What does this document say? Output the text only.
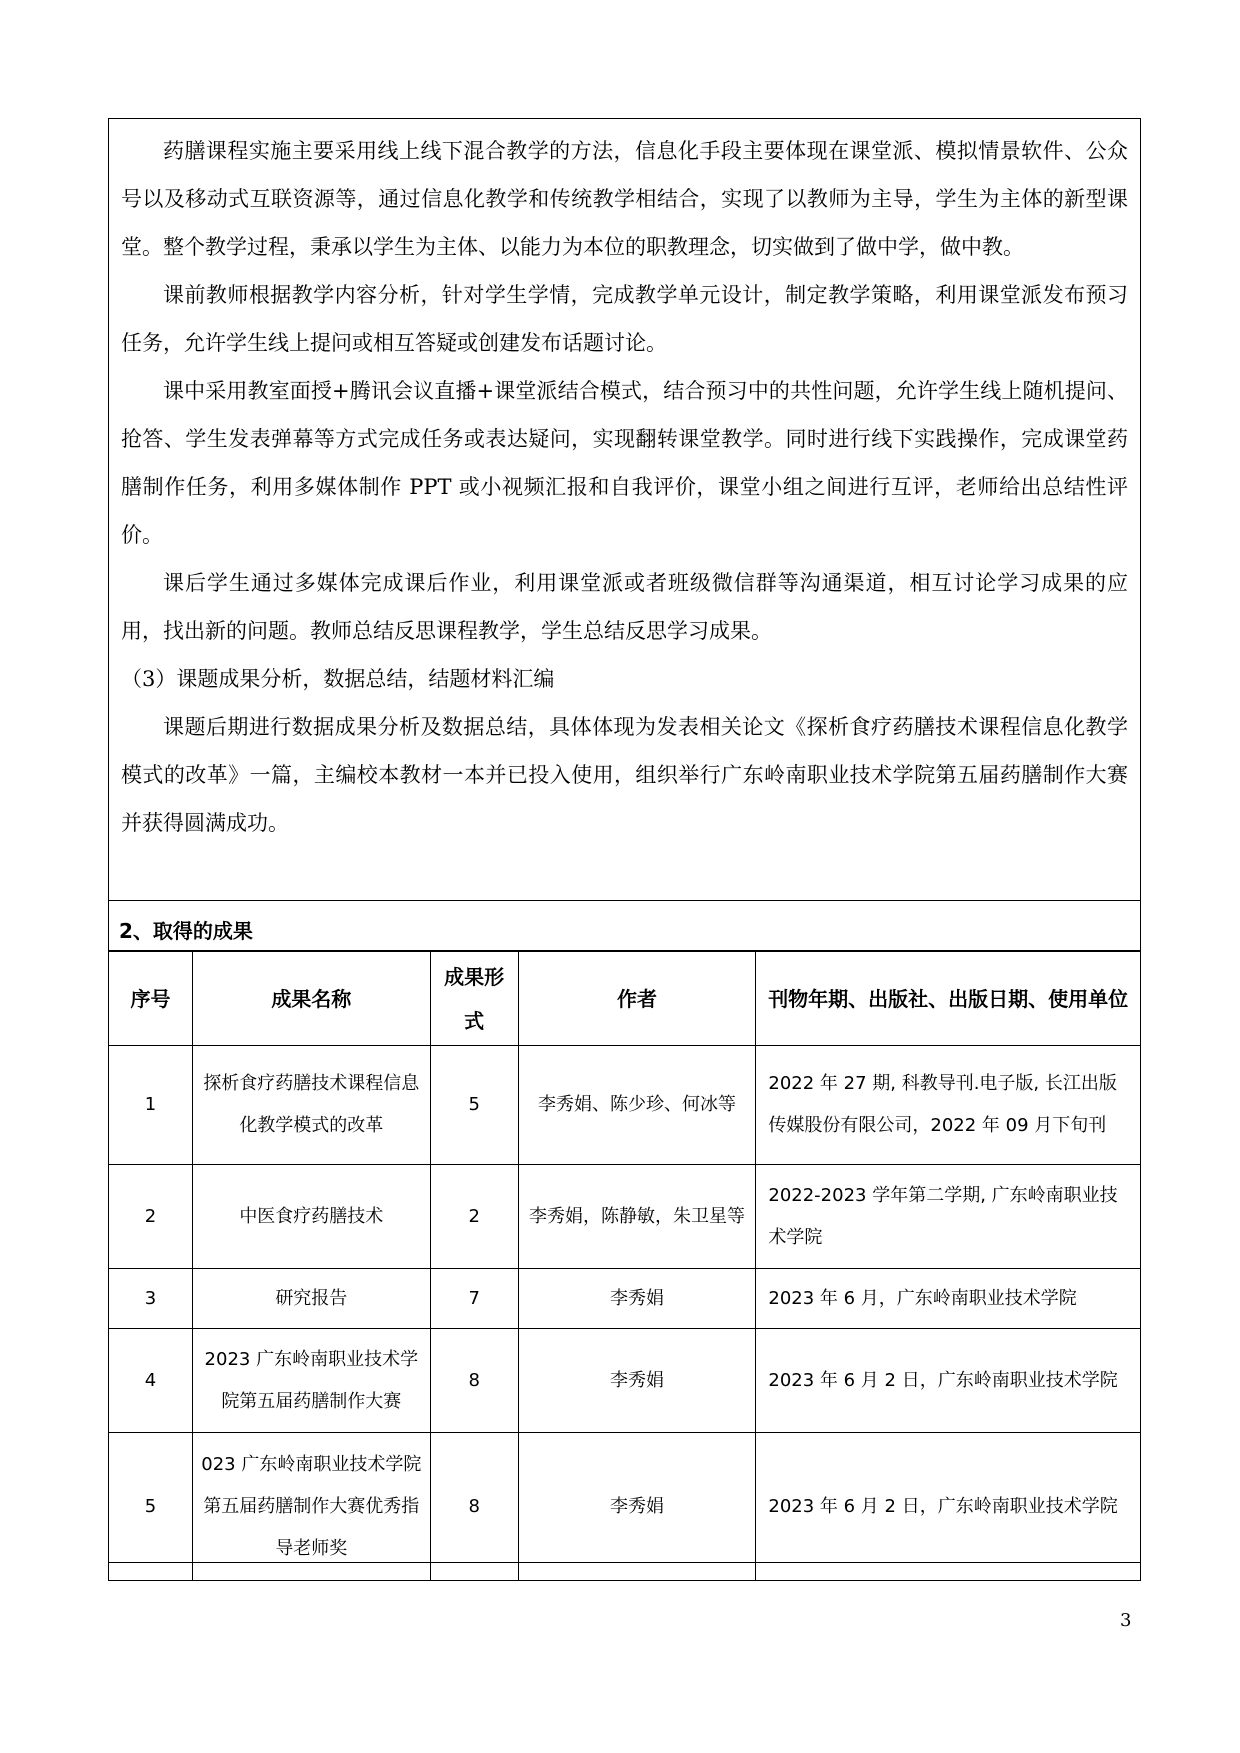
药膳课程实施主要采用线上线下混合教学的方法，信息化手段主要体现在课堂派、模拟情景软件、公众号以及移动式互联资源等，通过信息化教学和传统教学相结合，实现了以教师为主导，学生为主体的新型课堂。整个教学过程，秉承以学生为主体、以能力为本位的职教理念，切实做到了做中学，做中教。

课前教师根据教学内容分析，针对学生学情，完成教学单元设计，制定教学策略，利用课堂派发布预习任务，允许学生线上提问或相互答疑或创建发布话题讨论。

课中采用教室面授+腾讯会议直播+课堂派结合模式，结合预习中的共性问题，允许学生线上随机提问、抢答、学生发表弹幕等方式完成任务或表达疑问，实现翻转课堂教学。同时进行线下实践操作，完成课堂药膳制作任务，利用多媒体制作 PPT 或小视频汇报和自我评价，课堂小组之间进行互评，老师给出总结性评价。

课后学生通过多媒体完成课后作业，利用课堂派或者班级微信群等沟通渠道，相互讨论学习成果的应用，找出新的问题。教师总结反思课程教学，学生总结反思学习成果。

（3）课题成果分析，数据总结，结题材料汇编

课题后期进行数据成果分析及数据总结，具体体现为发表相关论文《探析食疗药膳技术课程信息化教学模式的改革》一篇，主编校本教材一本并已投入使用，组织举行广东岭南职业技术学院第五届药膳制作大赛并获得圆满成功。

2、取得的成果
序号	成果名称	成果形式	作者	刊物年期、出版社、出版日期、使用单位
1	探析食疗药膳技术课程信息化教学模式的改革	5	李秀娟、陈少珍、何冰等	2022 年 27 期, 科教导刊.电子版, 长江出版传媒股份有限公司，2022 年 09 月下旬刊
2	中医食疗药膳技术	2	李秀娟，陈静敏，朱卫星等	2022-2023 学年第二学期, 广东岭南职业技术学院
3	研究报告	7	李秀娟	2023 年 6 月，广东岭南职业技术学院
4	2023 广东岭南职业技术学院第五届药膳制作大赛	8	李秀娟	2023 年 6 月 2 日，广东岭南职业技术学院
5	023 广东岭南职业技术学院第五届药膳制作大赛优秀指导老师奖	8	李秀娟	2023 年 6 月 2 日，广东岭南职业技术学院
3
